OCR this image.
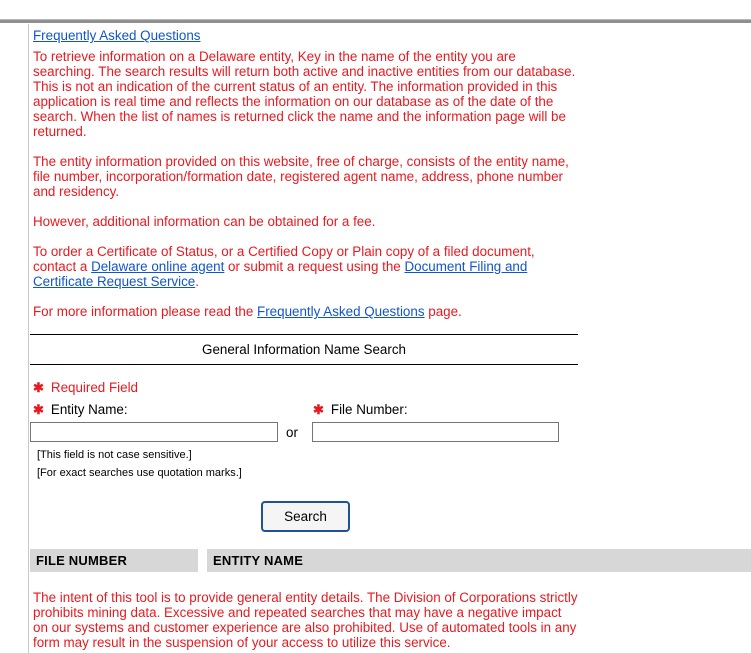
Frequently Asked Questions

To retrieve information on a Delaware entity, Key in the name of the entity you are searching. The search results will return both active and inactive entities from our database. This is not an indication of the current status of an entity. The information provided in this application is real time and reflects the information on our database as of the date of the search. When the list of names is returned click the name and the information page will be returned.

The entity information provided on this website, free of charge, consists of the entity name, file number, incorporation/formation date, registered agent name, address, phone number and residency.

However, additional information can be obtained for a fee.

To order a Certificate of Status, or a Certified Copy or Plain copy of a filed document, contact a Delaware online agent or submit a request using the Document Filing and Certificate Request Service.

For more information please read the Frequently Asked Questions page.

General Information Name Search
✱ Required Field
✱ Entity Name:	✱ File Number:
or
[This field is not case sensitive.]
[For exact searches use quotation marks.]
Search
FILE NUMBER	ENTITY NAME
The intent of this tool is to provide general entity details. The Division of Corporations strictly prohibits mining data. Excessive and repeated searches that may have a negative impact on our systems and customer experience are also prohibited. Use of automated tools in any form may result in the suspension of your access to utilize this service.
